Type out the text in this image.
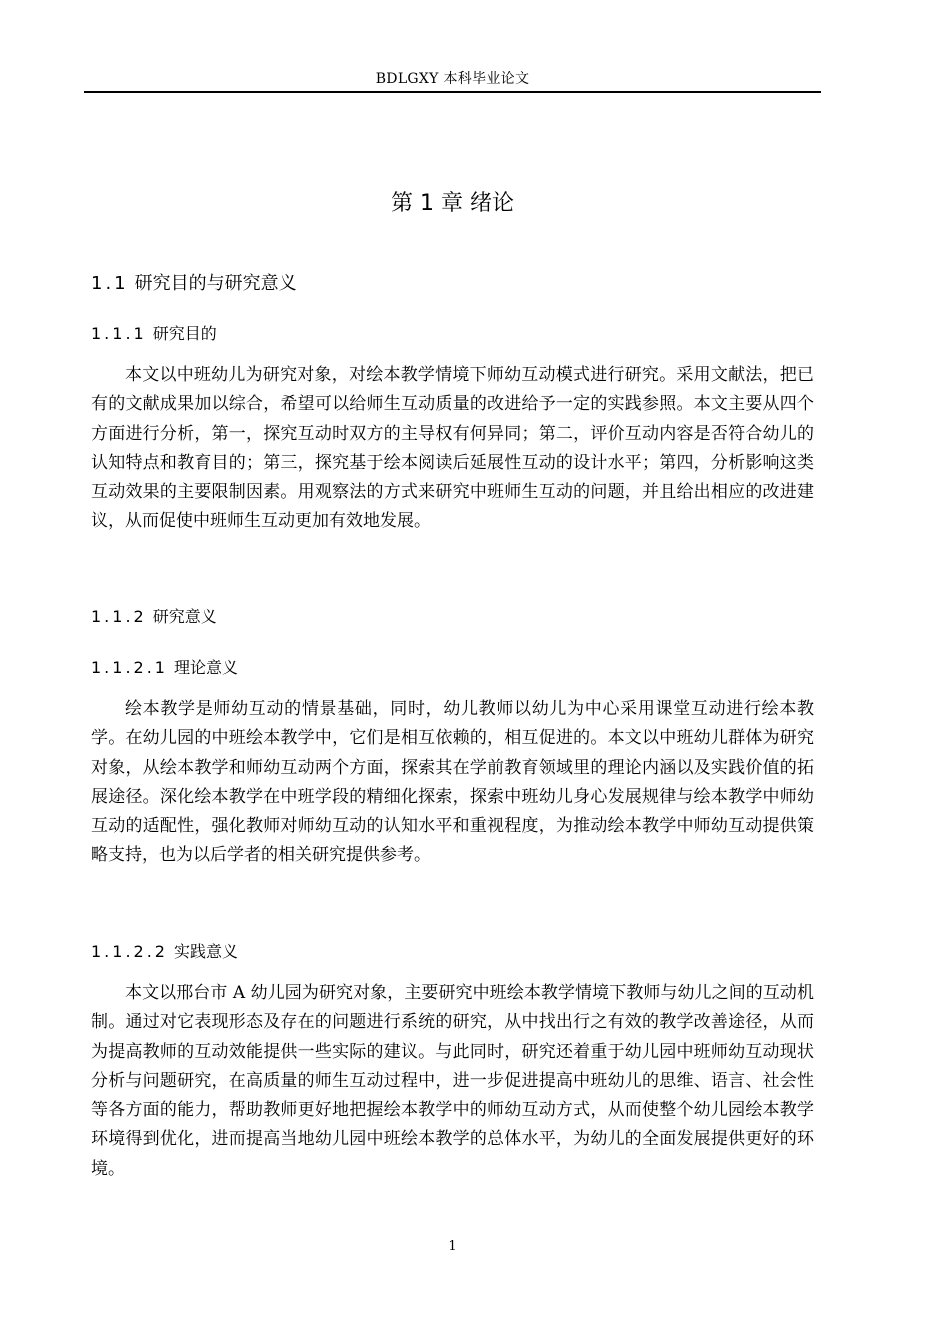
BDLGXY 本科毕业论文
第 1 章 绪论
1.1 研究目的与研究意义
1.1.1 研究目的

本文以中班幼儿为研究对象，对绘本教学情境下师幼互动模式进行研究。采用文献法，把已有的文献成果加以综合，希望可以给师生互动质量的改进给予一定的实践参照。本文主要从四个方面进行分析，第一，探究互动时双方的主导权有何异同；第二，评价互动内容是否符合幼儿的认知特点和教育目的；第三，探究基于绘本阅读后延展性互动的设计水平；第四，分析影响这类互动效果的主要限制因素。用观察法的方式来研究中班师生互动的问题，并且给出相应的改进建议，从而促使中班师生互动更加有效地发展。

1.1.2 研究意义
1.1.2.1 理论意义

绘本教学是师幼互动的情景基础，同时，幼儿教师以幼儿为中心采用课堂互动进行绘本教学。在幼儿园的中班绘本教学中，它们是相互依赖的，相互促进的。本文以中班幼儿群体为研究对象，从绘本教学和师幼互动两个方面，探索其在学前教育领域里的理论内涵以及实践价值的拓展途径。深化绘本教学在中班学段的精细化探索，探索中班幼儿身心发展规律与绘本教学中师幼互动的适配性，强化教师对师幼互动的认知水平和重视程度，为推动绘本教学中师幼互动提供策略支持，也为以后学者的相关研究提供参考。

1.1.2.2 实践意义

本文以邢台市 A 幼儿园为研究对象，主要研究中班绘本教学情境下教师与幼儿之间的互动机制。通过对它表现形态及存在的问题进行系统的研究，从中找出行之有效的教学改善途径，从而为提高教师的互动效能提供一些实际的建议。与此同时，研究还着重于幼儿园中班师幼互动现状分析与问题研究，在高质量的师生互动过程中，进一步促进提高中班幼儿的思维、语言、社会性等各方面的能力，帮助教师更好地把握绘本教学中的师幼互动方式，从而使整个幼儿园绘本教学环境得到优化，进而提高当地幼儿园中班绘本教学的总体水平，为幼儿的全面发展提供更好的环境。

1
